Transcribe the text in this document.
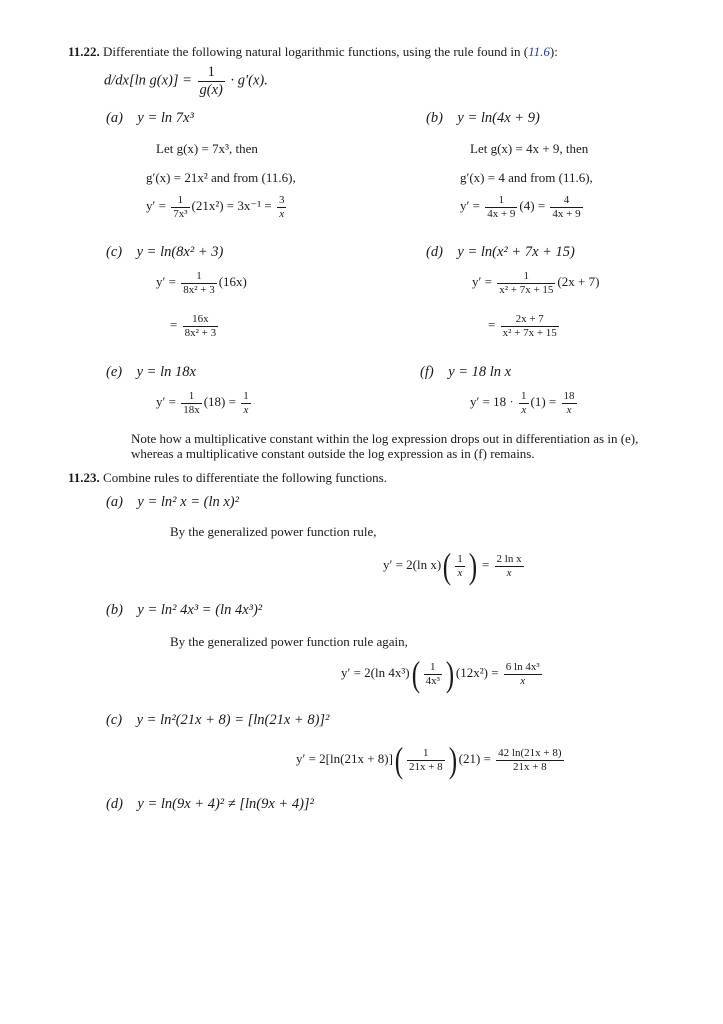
11.22. Differentiate the following natural logarithmic functions, using the rule found in (11.6):
d/dx[ln $g(x)] = \frac{1}{g(x)} \cdot g'(x)$.
(a) y = ln 7x³
Let g(x) = 7x³, then
g′(x) = 21x² and from (11.6),
$y' = \frac{1}{\text{7x³}} (21x^2) = 3x^{-1} = \frac{3}{x}$
(b) y = ln(4x + 9)
Let g(x) = 4x + 9, then
g′(x) = 4 and from (11.6),
$y' = \frac{1}{4x + 9} (4) = \frac{4}{4x + 9}$
(c) y = ln(8x² + 3)
$y' = \frac{1}{\text{8x² + 3}} (16x)$
= $\frac{16x}{\text{8x² + 3}}$
(d) y = ln(x² + 7x + 15)
$y' = \frac{1}{\text{x² + 7x + 15}} (2x + 7)$
= $\frac{2x + 7}{\text{x² + 7x + 15}}$
(e) y = ln 18x
$y' = \frac{1}{18x} (18) = \frac{1}{x}$
(f) y = 18 ln x
$y' = 18 \cdot \frac{1}{x} (1) = \frac{18}{x}$
Note how a multiplicative constant within the log expression drops out in differentiation as in (e), whereas a multiplicative constant outside the log expression as in (f) remains.
11.23. Combine rules to differentiate the following functions.
(a) y = ln² x = (ln x)²
By the generalized power function rule,
y′ = 2(ln $x)( \frac{1}{x}$ ) = $\frac{\text{2 ln x}}{x}$
(b) y = ln² 4x³ = (ln 4x³)²
By the generalized power function rule again,
y′ = 2(ln $4x^3)( \frac{1}{\text{4x³}}$ ) $(12x^2) = \frac{\text{6 ln 4x³}}{x}$
(c) y = ln²(21x + 8) = [ln(21x + 8)]²
$y' = 2[\ln(21x + 8)]( \frac{1}{21x + 8}$ ) $(21) = \frac{42 \ln(21x + 8)}{21x + 8}$
(d) y = ln(9x + 4)² ≠ [ln(9x + 4)]²
